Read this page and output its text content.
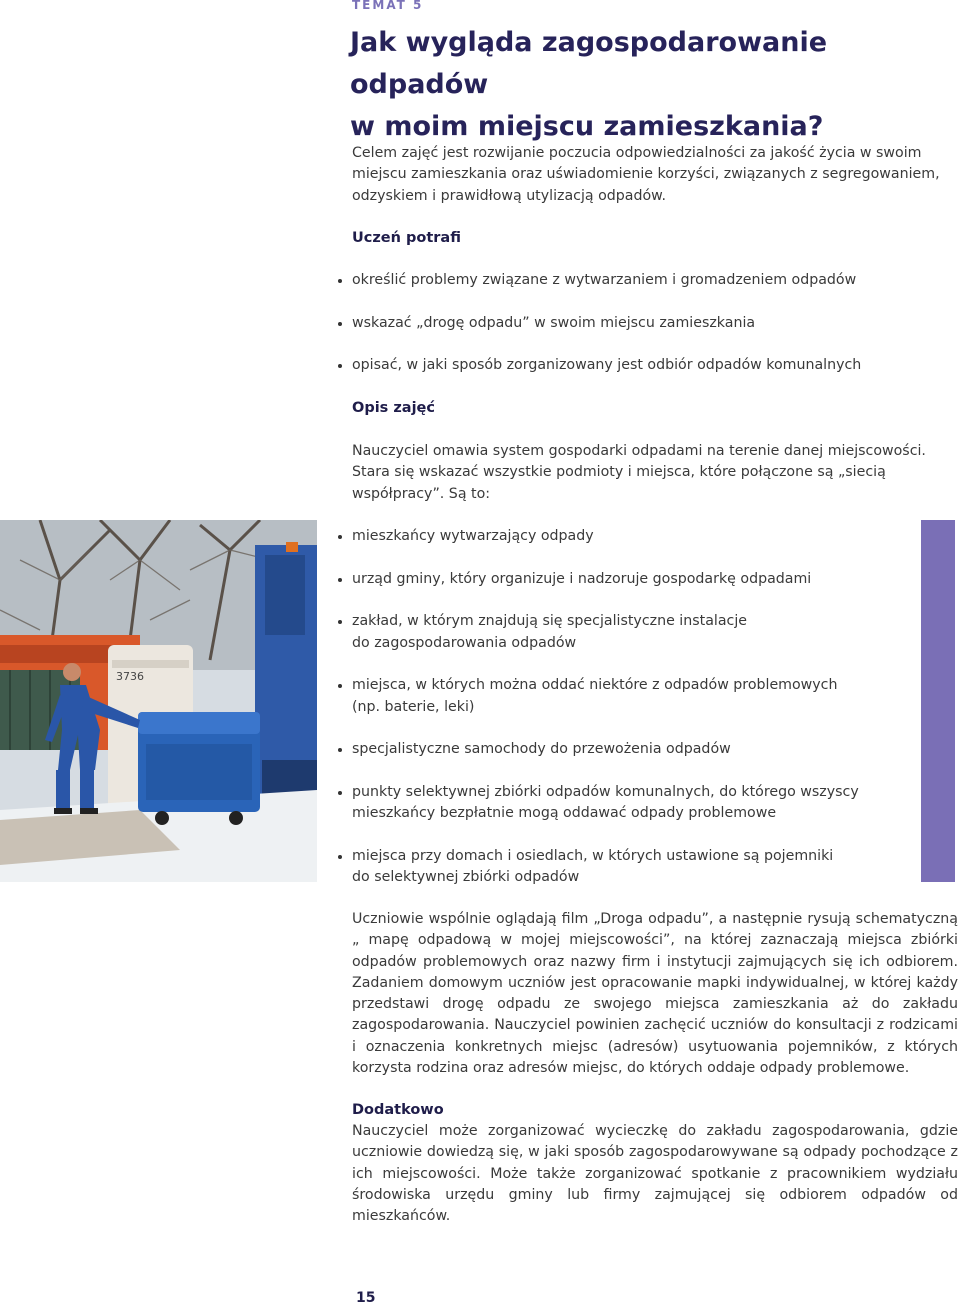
TEMAT 5
Jak wygląda zagospodarowanie odpadów
w moim miejscu zamieszkania?
Celem zajęć jest rozwijanie poczucia odpowiedzialności za jakość życia w swoim miejscu zamieszkania oraz uświadomienie korzyści, związanych z segregowaniem, odzyskiem i prawidłową utylizacją odpadów.
Uczeń potrafi
określić problemy związane z wytwarzaniem i gromadzeniem odpadów
wskazać „drogę odpadu” w swoim miejscu zamieszkania
opisać, w jaki sposób zorganizowany jest odbiór odpadów komunalnych
Opis zajęć
Nauczyciel omawia system gospodarki odpadami na terenie danej miejscowości. Stara się wskazać wszystkie podmioty i miejsca, które połączone są „siecią współpracy”. Są to:
3736
mieszkańcy wytwarzający odpady
urząd gminy, który organizuje i nadzoruje gospodarkę odpadami
zakład, w którym znajdują się specjalistyczne instalacje do zagospodarowania odpadów
miejsca, w których można oddać niektóre z odpadów problemowych (np. baterie, leki)
specjalistyczne samochody do przewożenia odpadów
punkty selektywnej zbiórki odpadów komunalnych, do którego wszyscy mieszkańcy bezpłatnie mogą oddawać odpady problemowe
miejsca przy domach i osiedlach, w których ustawione są pojemniki do selektywnej zbiórki odpadów
Uczniowie wspólnie oglądają film „Droga odpadu”, a następnie rysują schematyczną „ mapę odpadową w mojej miejscowości”, na której zaznaczają miejsca zbiórki odpadów problemowych oraz nazwy firm i instytucji zajmujących się ich odbiorem. Zadaniem domowym uczniów jest opracowanie mapki indywidualnej, w której każdy przedstawi drogę odpadu ze swojego miejsca zamieszkania aż do zakładu zagospodarowania. Nauczyciel powinien zachęcić uczniów do konsultacji z rodzicami i oznaczenia konkretnych miejsc (adresów) usytuowania pojemników, z których korzysta rodzina oraz adresów miejsc, do których oddaje odpady problemowe.
Dodatkowo
Nauczyciel może zorganizować wycieczkę do zakładu zagospodarowania, gdzie uczniowie dowiedzą się, w jaki sposób zagospodarowywane są odpady pochodzące z ich miejscowości. Może także zorganizować spotkanie z pracownikiem wydziału środowiska urzędu gminy lub firmy zajmującej się odbiorem odpadów od mieszkańców.
15
